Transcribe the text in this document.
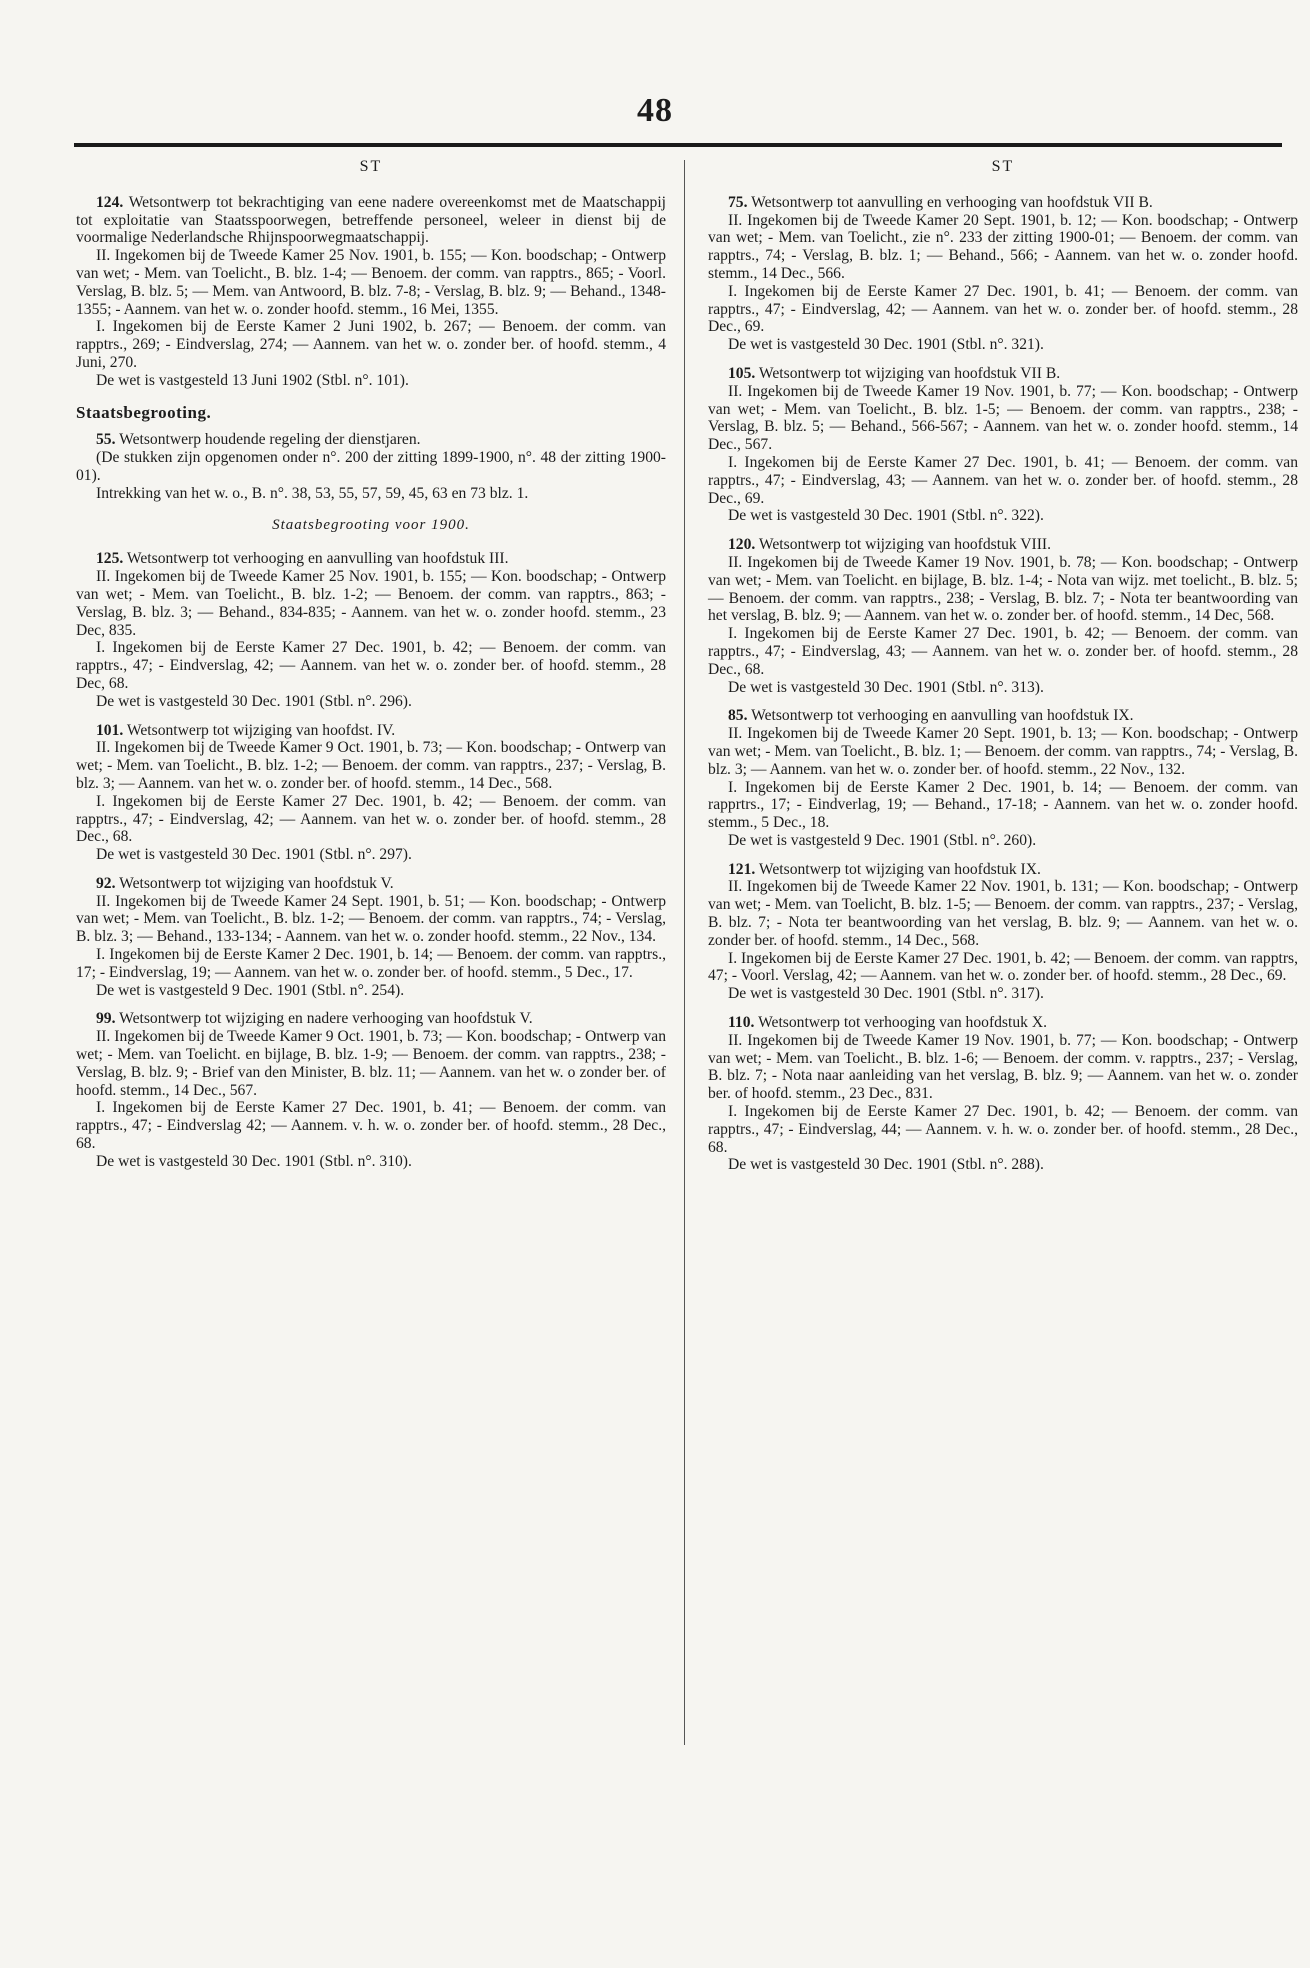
48
ST

124. Wetsontwerp tot bekrachtiging van eene nadere overeenkomst met de Maatschappij tot exploitatie van Staatsspoorwegen, betreffende personeel, weleer in dienst bij de voormalige Nederlandsche Rhijnspoorwegmaatschappij.

II. Ingekomen bij de Tweede Kamer 25 Nov. 1901, b. 155; — Kon. boodschap; - Ontwerp van wet; - Mem. van Toelicht., B. blz. 1-4; — Benoem. der comm. van rapptrs., 865; - Voorl. Verslag, B. blz. 5; — Mem. van Antwoord, B. blz. 7-8; - Verslag, B. blz. 9; — Behand., 1348-1355; - Aannem. van het w. o. zonder hoofd. stemm., 16 Mei, 1355.

I. Ingekomen bij de Eerste Kamer 2 Juni 1902, b. 267; — Benoem. der comm. van rapptrs., 269; - Eindverslag, 274; — Aannem. van het w. o. zonder ber. of hoofd. stemm., 4 Juni, 270.

De wet is vastgesteld 13 Juni 1902 (Stbl. n°. 101).

Staatsbegrooting.

55. Wetsontwerp houdende regeling der dienstjaren.

(De stukken zijn opgenomen onder n°. 200 der zitting 1899-1900, n°. 48 der zitting 1900-01).

Intrekking van het w. o., B. n°. 38, 53, 55, 57, 59, 45, 63 en 73 blz. 1.

Staatsbegrooting voor 1900.

125. Wetsontwerp tot verhooging en aanvulling van hoofdstuk III.

II. Ingekomen bij de Tweede Kamer 25 Nov. 1901, b. 155; — Kon. boodschap; - Ontwerp van wet; - Mem. van Toelicht., B. blz. 1-2; — Benoem. der comm. van rapptrs., 863; - Verslag, B. blz. 3; — Behand., 834-835; - Aannem. van het w. o. zonder hoofd. stemm., 23 Dec, 835.

I. Ingekomen bij de Eerste Kamer 27 Dec. 1901, b. 42; — Benoem. der comm. van rapptrs., 47; - Eindverslag, 42; — Aannem. van het w. o. zonder ber. of hoofd. stemm., 28 Dec, 68.

De wet is vastgesteld 30 Dec. 1901 (Stbl. n°. 296).

101. Wetsontwerp tot wijziging van hoofdst. IV.

II. Ingekomen bij de Tweede Kamer 9 Oct. 1901, b. 73; — Kon. boodschap; - Ontwerp van wet; - Mem. van Toelicht., B. blz. 1-2; — Benoem. der comm. van rapptrs., 237; - Verslag, B. blz. 3; — Aannem. van het w. o. zonder ber. of hoofd. stemm., 14 Dec., 568.

I. Ingekomen bij de Eerste Kamer 27 Dec. 1901, b. 42; — Benoem. der comm. van rapptrs., 47; - Eindverslag, 42; — Aannem. van het w. o. zonder ber. of hoofd. stemm., 28 Dec., 68.

De wet is vastgesteld 30 Dec. 1901 (Stbl. n°. 297).

92. Wetsontwerp tot wijziging van hoofdstuk V.

II. Ingekomen bij de Tweede Kamer 24 Sept. 1901, b. 51; — Kon. boodschap; - Ontwerp van wet; - Mem. van Toelicht., B. blz. 1-2; — Benoem. der comm. van rapptrs., 74; - Verslag, B. blz. 3; — Behand., 133-134; - Aannem. van het w. o. zonder hoofd. stemm., 22 Nov., 134.

I. Ingekomen bij de Eerste Kamer 2 Dec. 1901, b. 14; — Benoem. der comm. van rapptrs., 17; - Eindverslag, 19; — Aannem. van het w. o. zonder ber. of hoofd. stemm., 5 Dec., 17.

De wet is vastgesteld 9 Dec. 1901 (Stbl. n°. 254).

99. Wetsontwerp tot wijziging en nadere verhooging van hoofdstuk V.

II. Ingekomen bij de Tweede Kamer 9 Oct. 1901, b. 73; — Kon. boodschap; - Ontwerp van wet; - Mem. van Toelicht. en bijlage, B. blz. 1-9; — Benoem. der comm. van rapptrs., 238; - Verslag, B. blz. 9; - Brief van den Minister, B. blz. 11; — Aannem. van het w. o zonder ber. of hoofd. stemm., 14 Dec., 567.

I. Ingekomen bij de Eerste Kamer 27 Dec. 1901, b. 41; — Benoem. der comm. van rapptrs., 47; - Eindverslag 42; — Aannem. v. h. w. o. zonder ber. of hoofd. stemm., 28 Dec., 68.

De wet is vastgesteld 30 Dec. 1901 (Stbl. n°. 310).

ST

75. Wetsontwerp tot aanvulling en verhooging van hoofdstuk VII B.

II. Ingekomen bij de Tweede Kamer 20 Sept. 1901, b. 12; — Kon. boodschap; - Ontwerp van wet; - Mem. van Toelicht., zie n°. 233 der zitting 1900-01; — Benoem. der comm. van rapptrs., 74; - Verslag, B. blz. 1; — Behand., 566; - Aannem. van het w. o. zonder hoofd. stemm., 14 Dec., 566.

I. Ingekomen bij de Eerste Kamer 27 Dec. 1901, b. 41; — Benoem. der comm. van rapptrs., 47; - Eindverslag, 42; — Aannem. van het w. o. zonder ber. of hoofd. stemm., 28 Dec., 69.

De wet is vastgesteld 30 Dec. 1901 (Stbl. n°. 321).

105. Wetsontwerp tot wijziging van hoofdstuk VII B.

II. Ingekomen bij de Tweede Kamer 19 Nov. 1901, b. 77; — Kon. boodschap; - Ontwerp van wet; - Mem. van Toelicht., B. blz. 1-5; — Benoem. der comm. van rapptrs., 238; - Verslag, B. blz. 5; — Behand., 566-567; - Aannem. van het w. o. zonder hoofd. stemm., 14 Dec., 567.

I. Ingekomen bij de Eerste Kamer 27 Dec. 1901, b. 41; — Benoem. der comm. van rapptrs., 47; - Eindverslag, 43; — Aannem. van het w. o. zonder ber. of hoofd. stemm., 28 Dec., 69.

De wet is vastgesteld 30 Dec. 1901 (Stbl. n°. 322).

120. Wetsontwerp tot wijziging van hoofdstuk VIII.

II. Ingekomen bij de Tweede Kamer 19 Nov. 1901, b. 78; — Kon. boodschap; - Ontwerp van wet; - Mem. van Toelicht. en bijlage, B. blz. 1-4; - Nota van wijz. met toelicht., B. blz. 5; — Benoem. der comm. van rapptrs., 238; - Verslag, B. blz. 7; - Nota ter beantwoording van het verslag, B. blz. 9; — Aannem. van het w. o. zonder ber. of hoofd. stemm., 14 Dec, 568.

I. Ingekomen bij de Eerste Kamer 27 Dec. 1901, b. 42; — Benoem. der comm. van rapptrs., 47; - Eindverslag, 43; — Aannem. van het w. o. zonder ber. of hoofd. stemm., 28 Dec., 68.

De wet is vastgesteld 30 Dec. 1901 (Stbl. n°. 313).

85. Wetsontwerp tot verhooging en aanvulling van hoofdstuk IX.

II. Ingekomen bij de Tweede Kamer 20 Sept. 1901, b. 13; — Kon. boodschap; - Ontwerp van wet; - Mem. van Toelicht., B. blz. 1; — Benoem. der comm. van rapptrs., 74; - Verslag, B. blz. 3; — Aannem. van het w. o. zonder ber. of hoofd. stemm., 22 Nov., 132.

I. Ingekomen bij de Eerste Kamer 2 Dec. 1901, b. 14; — Benoem. der comm. van rapprtrs., 17; - Eindverlag, 19; — Behand., 17-18; - Aannem. van het w. o. zonder hoofd. stemm., 5 Dec., 18.

De wet is vastgesteld 9 Dec. 1901 (Stbl. n°. 260).

121. Wetsontwerp tot wijziging van hoofdstuk IX.

II. Ingekomen bij de Tweede Kamer 22 Nov. 1901, b. 131; — Kon. boodschap; - Ontwerp van wet; - Mem. van Toelicht, B. blz. 1-5; — Benoem. der comm. van rapptrs., 237; - Verslag, B. blz. 7; - Nota ter beantwoording van het verslag, B. blz. 9; — Aannem. van het w. o. zonder ber. of hoofd. stemm., 14 Dec., 568.

I. Ingekomen bij de Eerste Kamer 27 Dec. 1901, b. 42; — Benoem. der comm. van rapptrs, 47; - Voorl. Verslag, 42; — Aannem. van het w. o. zonder ber. of hoofd. stemm., 28 Dec., 69.

De wet is vastgesteld 30 Dec. 1901 (Stbl. n°. 317).

110. Wetsontwerp tot verhooging van hoofdstuk X.

II. Ingekomen bij de Tweede Kamer 19 Nov. 1901, b. 77; — Kon. boodschap; - Ontwerp van wet; - Mem. van Toelicht., B. blz. 1-6; — Benoem. der comm. v. rapptrs., 237; - Verslag, B. blz. 7; - Nota naar aanleiding van het verslag, B. blz. 9; — Aannem. van het w. o. zonder ber. of hoofd. stemm., 23 Dec., 831.

I. Ingekomen bij de Eerste Kamer 27 Dec. 1901, b. 42; — Benoem. der comm. van rapptrs., 47; - Eindverslag, 44; — Aannem. v. h. w. o. zonder ber. of hoofd. stemm., 28 Dec., 68.

De wet is vastgesteld 30 Dec. 1901 (Stbl. n°. 288).
